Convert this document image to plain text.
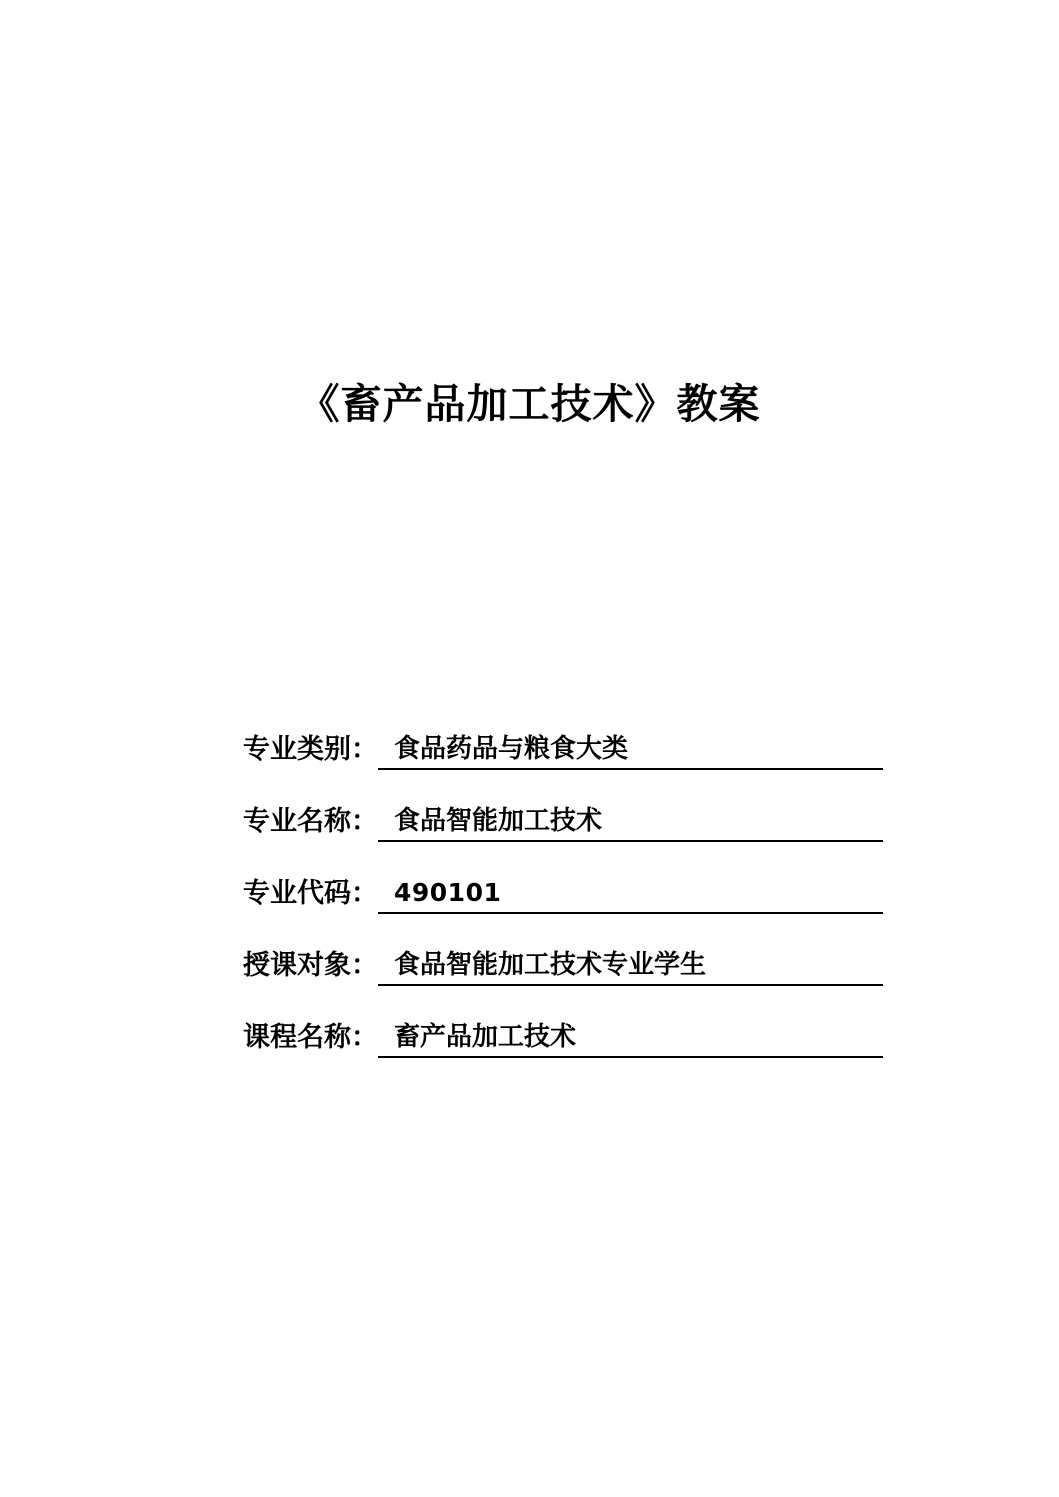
《畜产品加工技术》教案
专业类别： 食品药品与粮食大类
专业名称： 食品智能加工技术
专业代码： 490101
授课对象： 食品智能加工技术专业学生
课程名称： 畜产品加工技术
